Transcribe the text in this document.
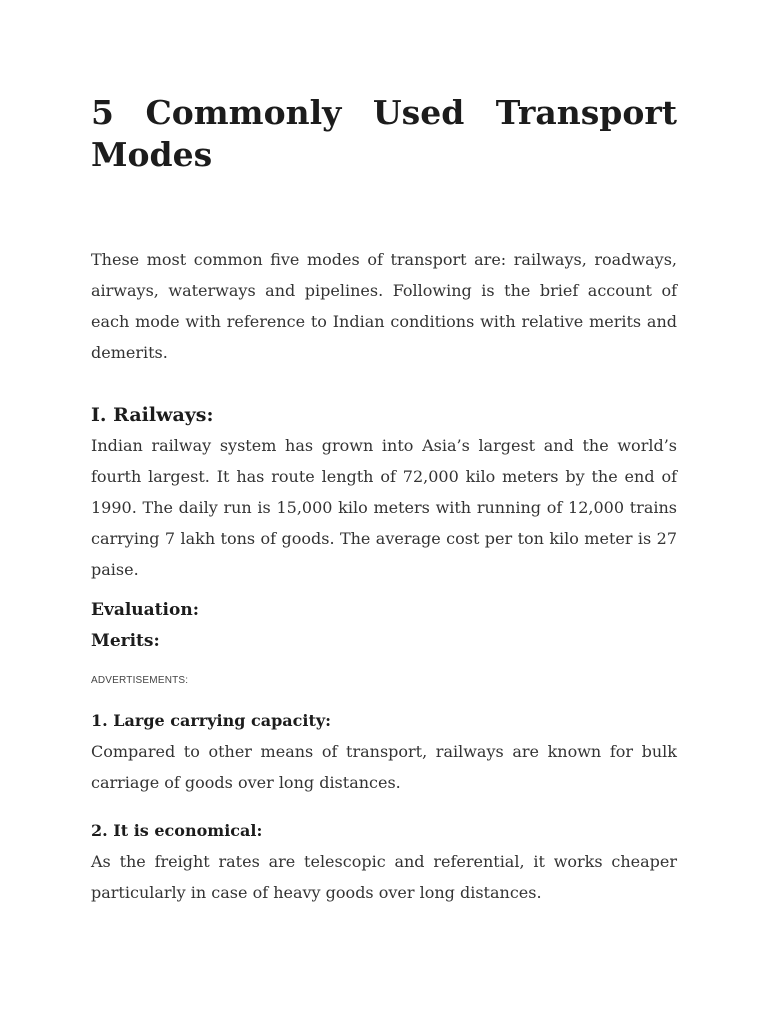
5 Commonly Used Transport Modes

These most common five modes of transport are: railways, roadways, airways, waterways and pipelines. Following is the brief account of each mode with reference to Indian conditions with relative merits and demerits.

I. Railways:

Indian railway system has grown into Asia’s largest and the world’s fourth largest. It has route length of 72,000 kilo meters by the end of 1990. The daily run is 15,000 kilo meters with running of 12,000 trains carrying 7 lakh tons of goods. The average cost per ton kilo meter is 27 paise.

Evaluation:
Merits:
ADVERTISEMENTS:
1. Large carrying capacity:

Compared to other means of transport, railways are known for bulk carriage of goods over long distances.

2. It is economical:

As the freight rates are telescopic and referential, it works cheaper particularly in case of heavy goods over long distances.
